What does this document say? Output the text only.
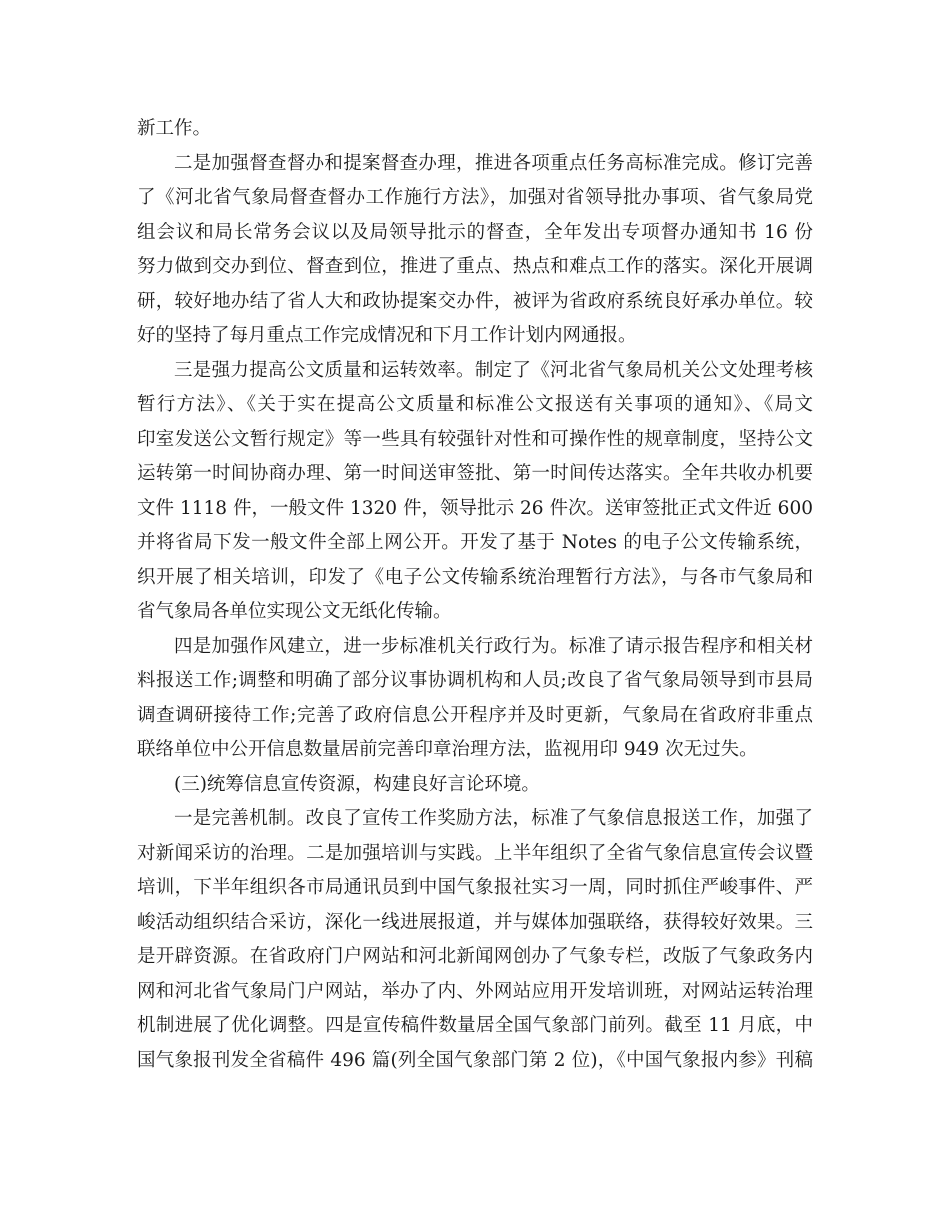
新工作。
二是加强督查督办和提案督查办理，推进各项重点任务高标准完成。修订完善
了《河北省气象局督查督办工作施行方法》，加强对省领导批办事项、省气象局党
组会议和局长常务会议以及局领导批示的督查，全年发出专项督办通知书 16 份
努力做到交办到位、督查到位，推进了重点、热点和难点工作的落实。深化开展调
研，较好地办结了省人大和政协提案交办件，被评为省政府系统良好承办单位。较
好的坚持了每月重点工作完成情况和下月工作计划内网通报。
三是强力提高公文质量和运转效率。制定了《河北省气象局机关公文处理考核
暂行方法》、《关于实在提高公文质量和标准公文报送有关事项的通知》、《局文
印室发送公文暂行规定》等一些具有较强针对性和可操作性的规章制度，坚持公文
运转第一时间协商办理、第一时间送审签批、第一时间传达落实。全年共收办机要
文件 1118 件，一般文件 1320 件，领导批示 26 件次。送审签批正式文件近 600
并将省局下发一般文件全部上网公开。开发了基于 Notes 的电子公文传输系统，
织开展了相关培训，印发了《电子公文传输系统治理暂行方法》，与各市气象局和
省气象局各单位实现公文无纸化传输。
四是加强作风建立，进一步标准机关行政行为。标准了请示报告程序和相关材
料报送工作;调整和明确了部分议事协调机构和人员;改良了省气象局领导到市县局
调查调研接待工作;完善了政府信息公开程序并及时更新，气象局在省政府非重点
联络单位中公开信息数量居前完善印章治理方法，监视用印 949 次无过失。
(三)统筹信息宣传资源，构建良好言论环境。
一是完善机制。改良了宣传工作奖励方法，标准了气象信息报送工作，加强了
对新闻采访的治理。二是加强培训与实践。上半年组织了全省气象信息宣传会议暨
培训，下半年组织各市局通讯员到中国气象报社实习一周，同时抓住严峻事件、严
峻活动组织结合采访，深化一线进展报道，并与媒体加强联络，获得较好效果。三
是开辟资源。在省政府门户网站和河北新闻网创办了气象专栏，改版了气象政务内
网和河北省气象局门户网站，举办了内、外网站应用开发培训班，对网站运转治理
机制进展了优化调整。四是宣传稿件数量居全国气象部门前列。截至 11 月底，中
国气象报刊发全省稿件 496 篇(列全国气象部门第 2 位)，《中国气象报内参》刊稿
